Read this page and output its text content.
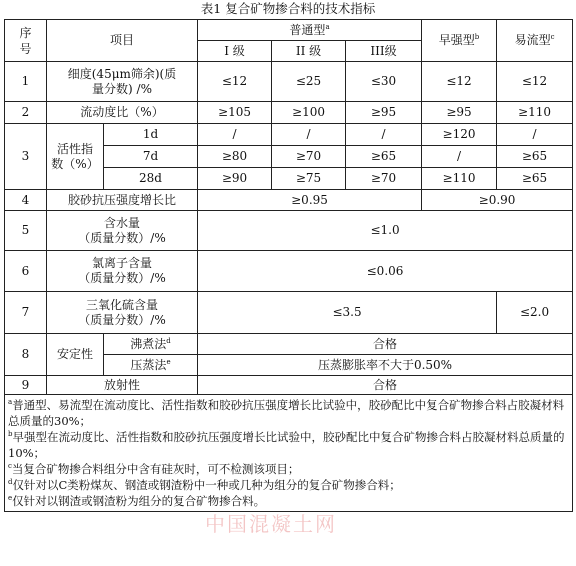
表1 复合矿物掺合料的技术指标
序号	项目		普通型$^a$			早强型$^b$	易流型$^c$
			I 级	II 级	III级		
1	细度(45μm筛余)(质
量分数) /%		≤12	≤25	≤30	≤12	≤12
2	流动度比（%）		≥105	≥100	≥95	≥95	≥110
3	活性指
数（%）	1d	/	/	/	≥120	/
		7d	≥80	≥70	≥65	/	≥65
		28d	≥90	≥75	≥70	≥110	≥65
4	胶砂抗压强度增长比		≥0.95			≥0.90	
5	含水量
（质量分数）/%		≤1.0				
6	氯离子含量
（质量分数）/%		≤0.06				
7	三氧化硫含量
（质量分数）/%		≤3.5				≤2.0
8	安定性	沸煮法$^d$	合格				
		压蒸法$^e$	压蒸膨胀率不大于0.50%				
9	放射性		合格				

$^a$普通型、易流型在流动度比、活性指数和胶砂抗压强度增长比试验中，胶砂配比中复合矿物掺合料占胶凝材料总质量的30%；
$^b$早强型在流动度比、活性指数和胶砂抗压强度增长比试验中，胶砂配比中复合矿物掺合料占胶凝材料总质量的10%；
$^c$当复合矿物掺合料组分中含有硅灰时，可不检测该项目；
$^d$仅针对以C类粉煤灰、钢渣或钢渣粉中一种或几种为组分的复合矿物掺合料；
$^e$仅针对以钢渣或钢渣粉为组分的复合矿物掺合料。							
中国混凝土网
